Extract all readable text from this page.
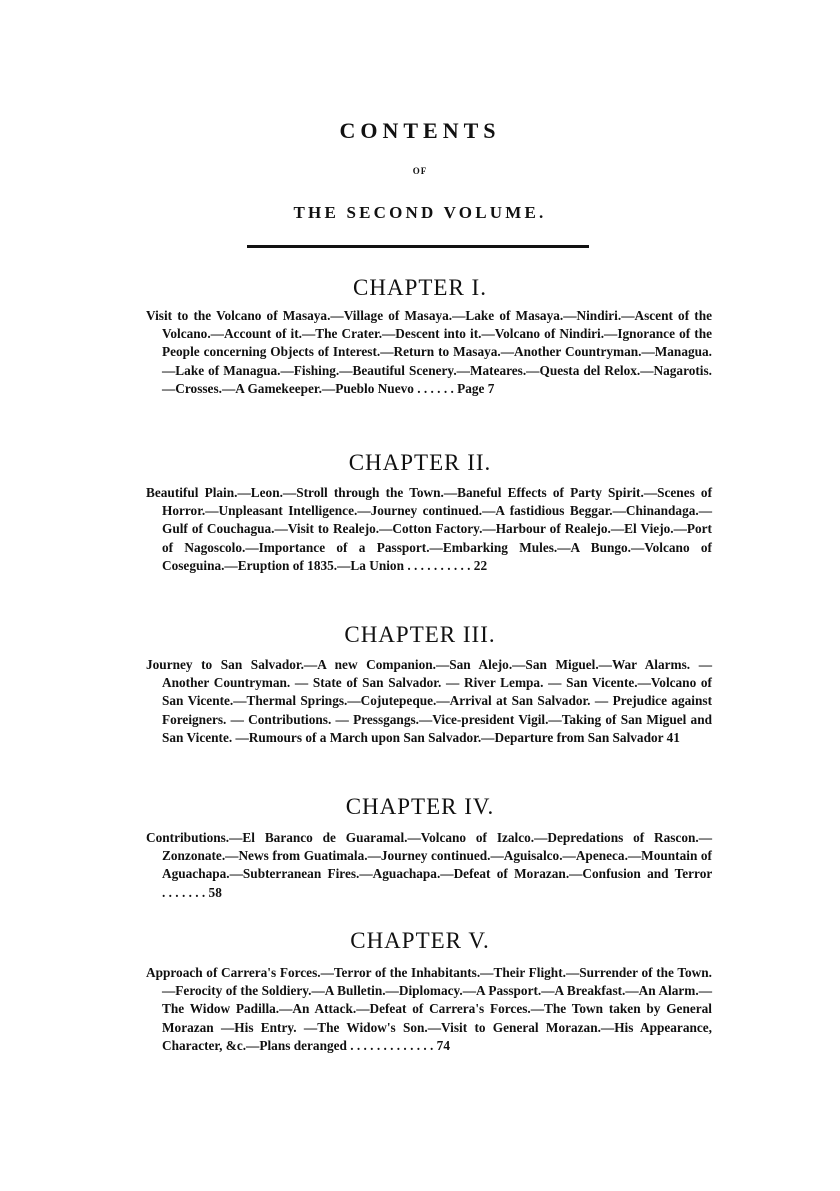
CONTENTS
OF
THE SECOND VOLUME.
CHAPTER I.
Visit to the Volcano of Masaya.—Village of Masaya.—Lake of Masaya.—Nindiri.—Ascent of the Volcano.—Account of it.—The Crater.—Descent into it.—Volcano of Nindiri.—Ignorance of the People concerning Objects of Interest.—Return to Masaya.—Another Countryman.—Managua.—Lake of Managua.—Fishing.—Beautiful Scenery.—Mateares.—Questa del Relox.—Nagarotis.—Crosses.—A Gamekeeper.—Pueblo Nuevo . . . . . . Page 7
CHAPTER II.
Beautiful Plain.—Leon.—Stroll through the Town.—Baneful Effects of Party Spirit.—Scenes of Horror.—Unpleasant Intelligence.—Journey continued.—A fastidious Beggar.—Chinandaga.—Gulf of Couchagua.—Visit to Realejo.—Cotton Factory.—Harbour of Realejo.—El Viejo.—Port of Nagoscolo.—Importance of a Passport.—Embarking Mules.—A Bungo.—Volcano of Coseguina.—Eruption of 1835.—La Union . . . . . . . . . . 22
CHAPTER III.
Journey to San Salvador.—A new Companion.—San Alejo.—San Miguel.—War Alarms. — Another Countryman. — State of San Salvador. — River Lempa. — San Vicente.—Volcano of San Vicente.—Thermal Springs.—Cojutepeque.—Arrival at San Salvador. — Prejudice against Foreigners. — Contributions. — Pressgangs.—Vice-president Vigil.—Taking of San Miguel and San Vicente. —Rumours of a March upon San Salvador.—Departure from San Salvador 41
CHAPTER IV.
Contributions.—El Baranco de Guaramal.—Volcano of Izalco.—Depredations of Rascon.—Zonzonate.—News from Guatimala.—Journey continued.—Aguisalco.—Apeneca.—Mountain of Aguachapa.—Subterranean Fires.—Aguachapa.—Defeat of Morazan.—Confusion and Terror . . . . . . . 58
CHAPTER V.
Approach of Carrera's Forces.—Terror of the Inhabitants.—Their Flight.—Surrender of the Town.—Ferocity of the Soldiery.—A Bulletin.—Diplomacy.—A Passport.—A Breakfast.—An Alarm.—The Widow Padilla.—An Attack.—Defeat of Carrera's Forces.—The Town taken by General Morazan —His Entry. —The Widow's Son.—Visit to General Morazan.—His Appearance, Character, &c.—Plans deranged . . . . . . . . . . . . . 74
